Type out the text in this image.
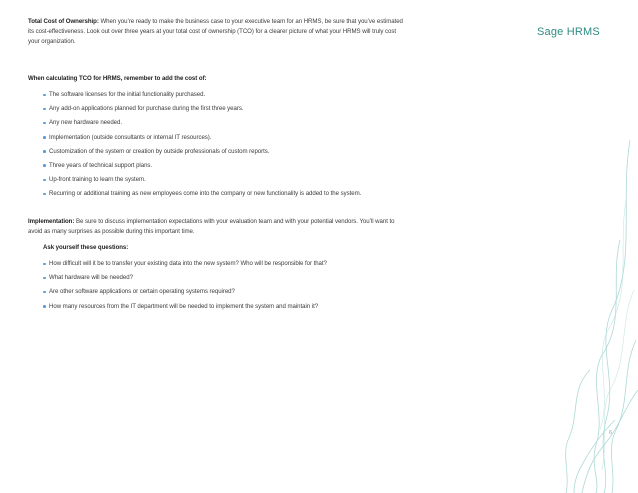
Total Cost of Ownership: When you’re ready to make the business case to your executive team for an HRMS, be sure that you’ve estimated
its cost-effectiveness. Look out over three years at your total cost of ownership (TCO) for a clearer picture of what your HRMS will truly cost
your organization.
When calculating TCO for HRMS, remember to add the cost of:
The software licenses for the initial functionality purchased.
Any add-on applications planned for purchase during the first three years.
Any new hardware needed.
Implementation (outside consultants or internal IT resources).
Customization of the system or creation by outside professionals of custom reports.
Three years of technical support plans.
Up-front training to learn the system.
Recurring or additional training as new employees come into the company or new functionality is added to the system.
Implementation: Be sure to discuss implementation expectations with your evaluation team and with your potential vendors. You’ll want to
avoid as many surprises as possible during this important time.
Ask yourself these questions:
How difficult will it be to transfer your existing data into the new system? Who will be responsible for that?
What hardware will be needed?
Are other software applications or certain operating systems required?
How many resources from the IT department will be needed to implement the system and maintain it?
Sage HRMS
6
